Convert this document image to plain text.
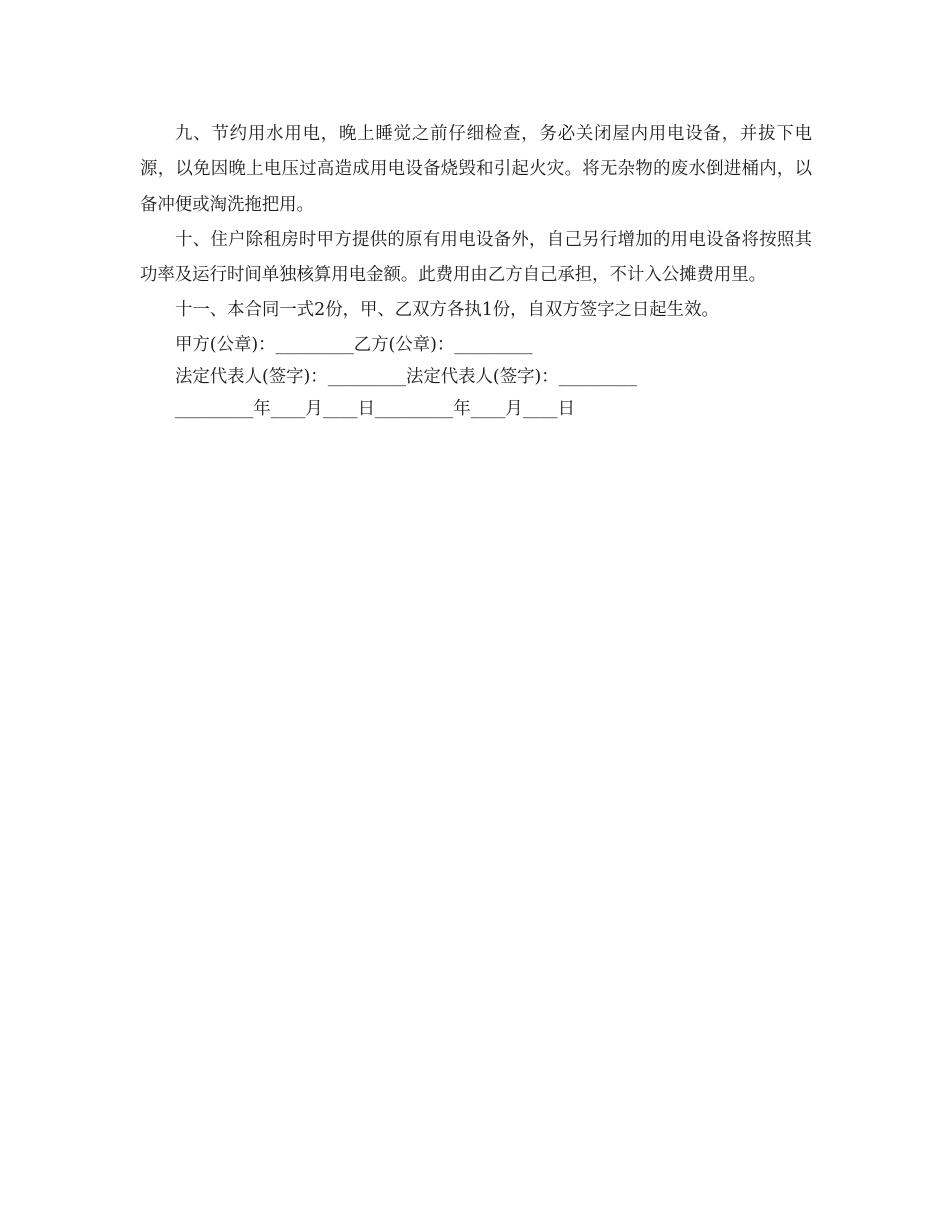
九、节约用水用电，晚上睡觉之前仔细检查，务必关闭屋内用电设备，并拔下电源，以免因晚上电压过高造成用电设备烧毁和引起火灾。将无杂物的废水倒进桶内，以备冲便或淘洗拖把用。

十、住户除租房时甲方提供的原有用电设备外，自己另行增加的用电设备将按照其功率及运行时间单独核算用电金额。此费用由乙方自己承担，不计入公摊费用里。

十一、本合同一式2份，甲、乙双方各执1份，自双方签字之日起生效。

甲方(公章)：_________乙方(公章)：_________

法定代表人(签字)：_________法定代表人(签字)：_________

_________年____月____日_________年____月____日
